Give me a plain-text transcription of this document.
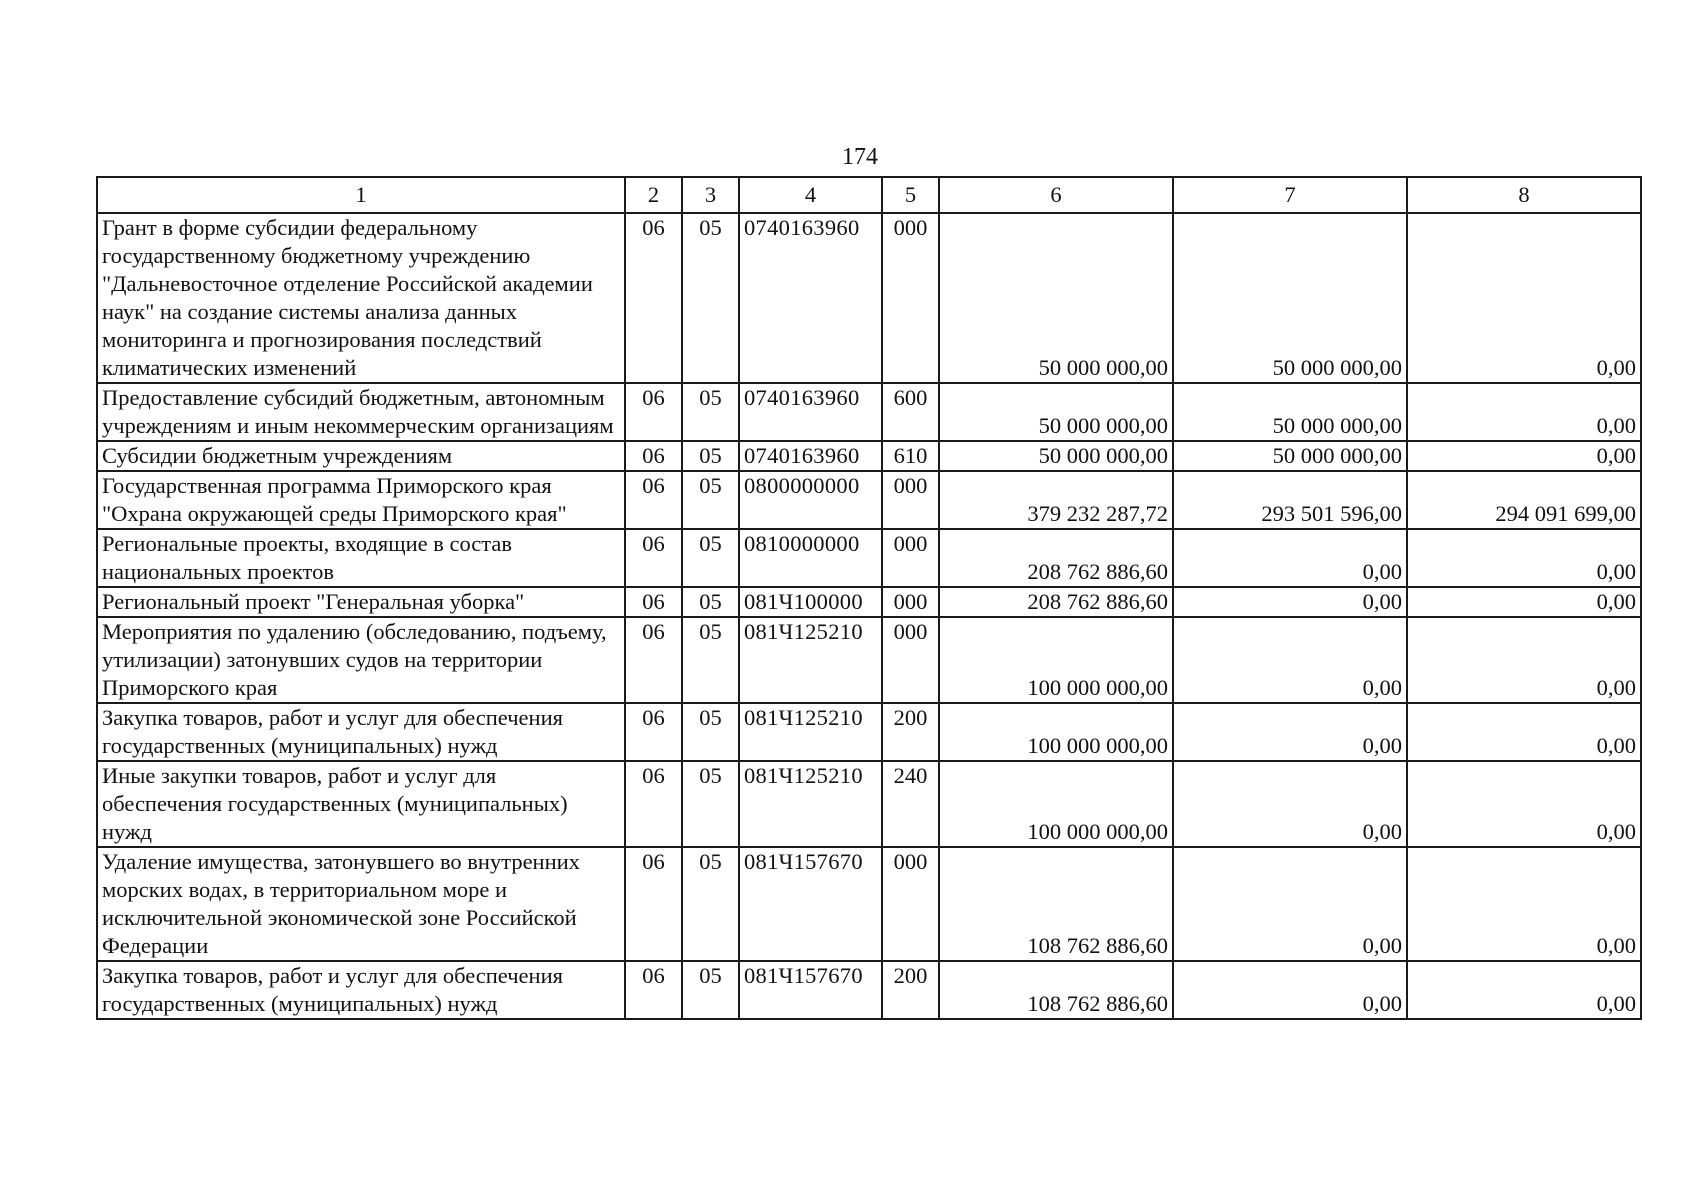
174
1	2	3	4	5	6	7	8
Грант в форме субсидии федеральному государственному бюджетному учреждению "Дальневосточное отделение Российской академии наук" на создание системы анализа данных мониторинга и прогнозирования последствий климатических изменений	06	05	0740163960	000	50 000 000,00	50 000 000,00	0,00
Предоставление субсидий бюджетным, автономным учреждениям и иным некоммерческим организациям	06	05	0740163960	600	50 000 000,00	50 000 000,00	0,00
Субсидии бюджетным учреждениям	06	05	0740163960	610	50 000 000,00	50 000 000,00	0,00
Государственная программа Приморского края "Охрана окружающей среды Приморского края"	06	05	0800000000	000	379 232 287,72	293 501 596,00	294 091 699,00
Региональные проекты, входящие в состав национальных проектов	06	05	0810000000	000	208 762 886,60	0,00	0,00
Региональный проект "Генеральная уборка"	06	05	081Ч100000	000	208 762 886,60	0,00	0,00
Мероприятия по удалению (обследованию, подъему, утилизации) затонувших судов на территории Приморского края	06	05	081Ч125210	000	100 000 000,00	0,00	0,00
Закупка товаров, работ и услуг для обеспечения государственных (муниципальных) нужд	06	05	081Ч125210	200	100 000 000,00	0,00	0,00
Иные закупки товаров, работ и услуг для обеспечения государственных (муниципальных) нужд	06	05	081Ч125210	240	100 000 000,00	0,00	0,00
Удаление имущества, затонувшего во внутренних морских водах, в территориальном море и исключительной экономической зоне Российской Федерации	06	05	081Ч157670	000	108 762 886,60	0,00	0,00
Закупка товаров, работ и услуг для обеспечения государственных (муниципальных) нужд	06	05	081Ч157670	200	108 762 886,60	0,00	0,00
